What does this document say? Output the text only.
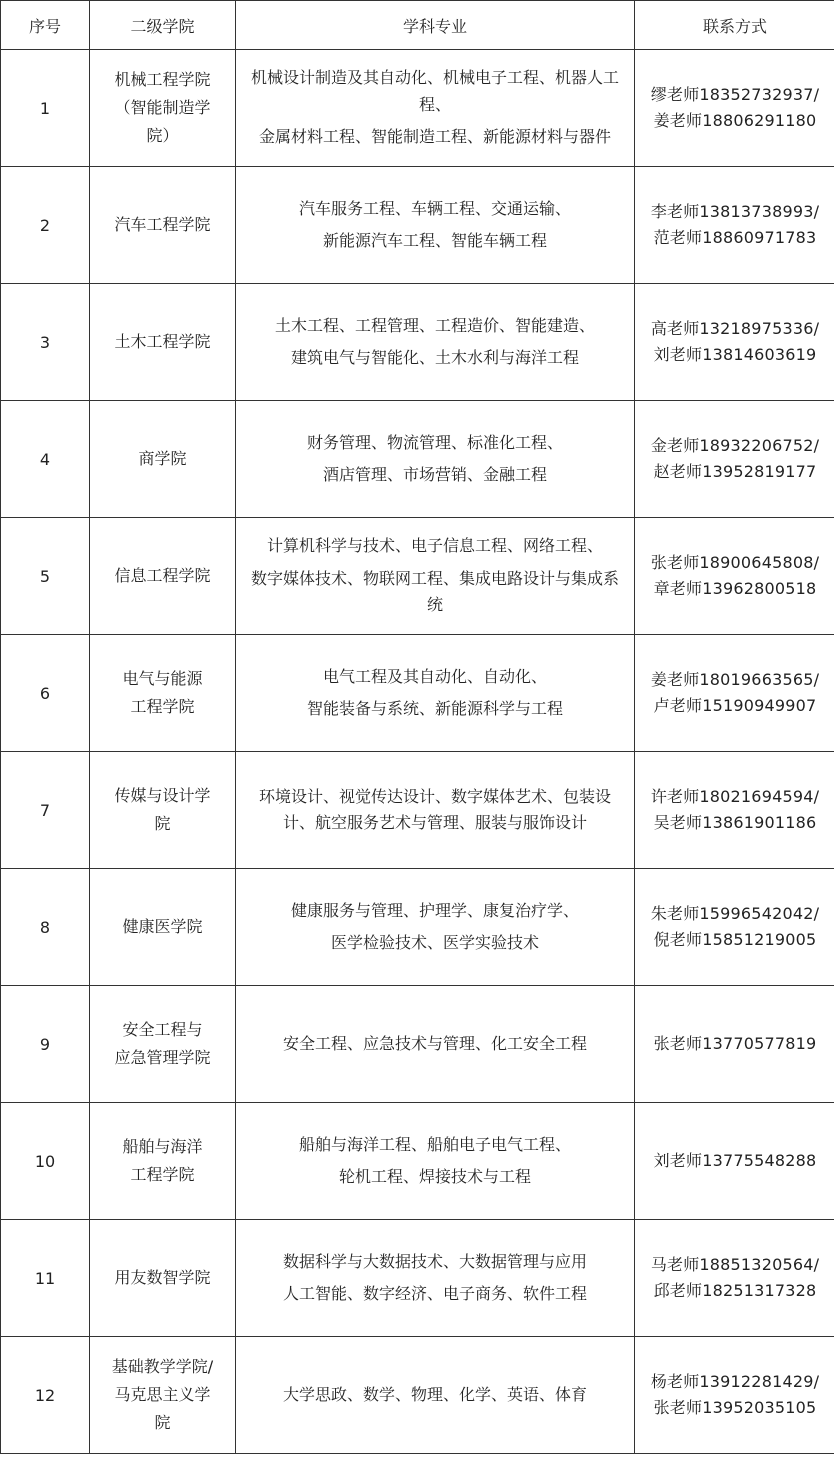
序号	二级学院	学科专业	联系方式
1	机械工程学院
（智能制造学
院）	机械设计制造及其自动化、机械电子工程、机器人工程、
金属材料工程、智能制造工程、新能源材料与器件	缪老师18352732937/
姜老师18806291180

2	汽车工程学院	汽车服务工程、车辆工程、交通运输、
新能源汽车工程、智能车辆工程	李老师13813738993/
范老师18860971783

3	土木工程学院	土木工程、工程管理、工程造价、智能建造、
建筑电气与智能化、土木水利与海洋工程	高老师13218975336/
刘老师13814603619

4	商学院	财务管理、物流管理、标准化工程、
酒店管理、市场营销、金融工程	金老师18932206752/
赵老师13952819177

5	信息工程学院	计算机科学与技术、电子信息工程、网络工程、
数字媒体技术、物联网工程、集成电路设计与集成系统	张老师18900645808/
章老师13962800518

6	电气与能源
工程学院	电气工程及其自动化、自动化、
智能装备与系统、新能源科学与工程	姜老师18019663565/
卢老师15190949907

7	传媒与设计学
院	环境设计、视觉传达设计、数字媒体艺术、包装设计、航空服务艺术与管理、服装与服饰设计	许老师18021694594/
吴老师13861901186

8	健康医学院	健康服务与管理、护理学、康复治疗学、
医学检验技术、医学实验技术	朱老师15996542042/
倪老师15851219005

9	安全工程与
应急管理学院	安全工程、应急技术与管理、化工安全工程	张老师13770577819

10	船舶与海洋
工程学院	船舶与海洋工程、船舶电子电气工程、
轮机工程、焊接技术与工程	刘老师13775548288

11	用友数智学院	数据科学与大数据技术、大数据管理与应用
人工智能、数字经济、电子商务、软件工程	马老师18851320564/
邱老师18251317328

12	基础教学学院/
马克思主义学
院	大学思政、数学、物理、化学、英语、体育	杨老师13912281429/
张老师13952035105
